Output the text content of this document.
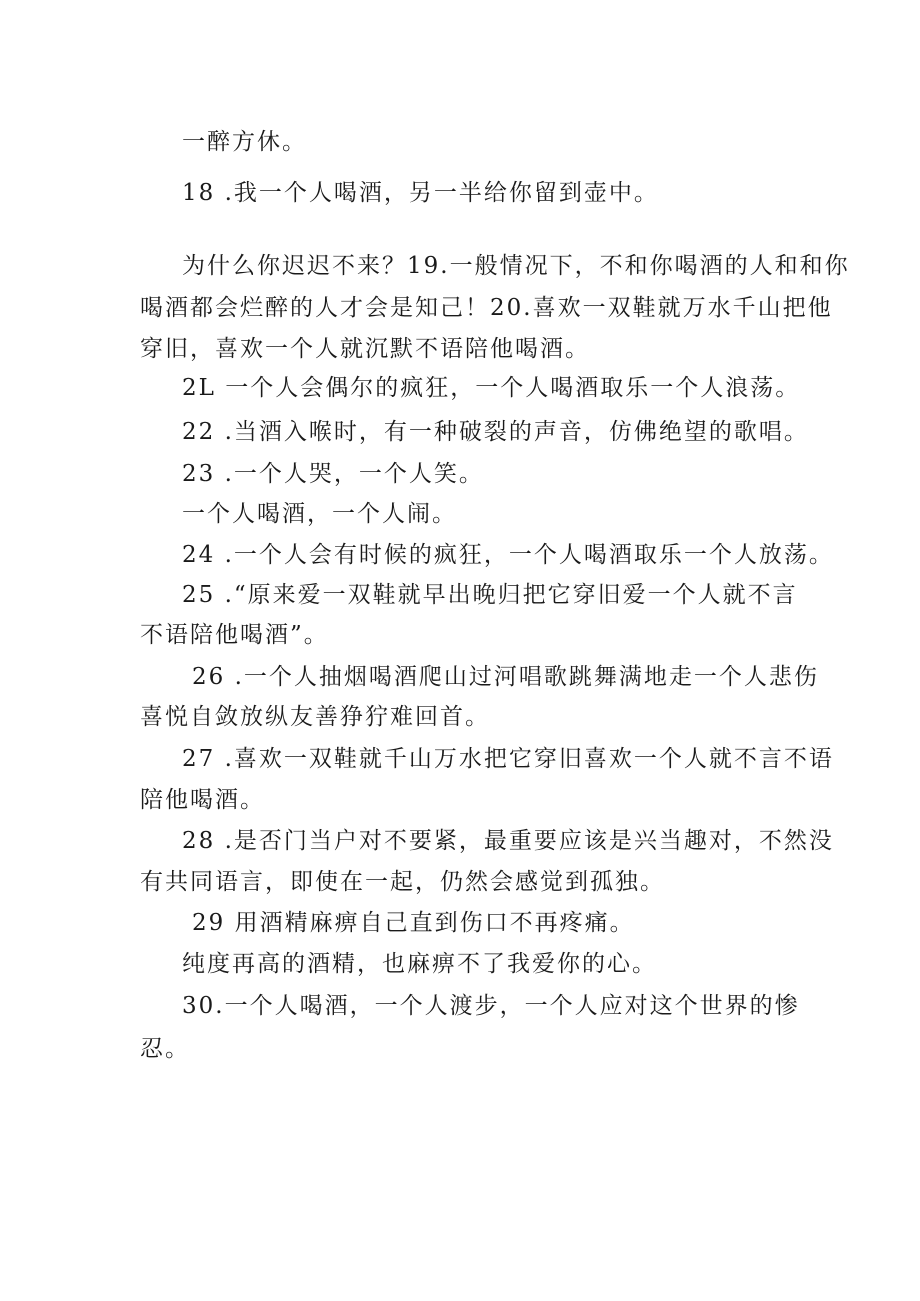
一醉方休。
18 .我一个人喝酒，另一半给你留到壶中。
为什么你迟迟不来？19.一般情况下，不和你喝酒的人和和你
喝酒都会烂醉的人才会是知己！20.喜欢一双鞋就万水千山把他
穿旧，喜欢一个人就沉默不语陪他喝酒。
2L 一个人会偶尔的疯狂，一个人喝酒取乐一个人浪荡。
22 .当酒入喉时，有一种破裂的声音，仿佛绝望的歌唱。
23 .一个人哭，一个人笑。
一个人喝酒，一个人闹。
24 .一个人会有时候的疯狂，一个人喝酒取乐一个人放荡。
25 .“原来爱一双鞋就早出晚归把它穿旧爱一个人就不言
不语陪他喝酒”。
26 .一个人抽烟喝酒爬山过河唱歌跳舞满地走一个人悲伤
喜悦自敛放纵友善狰狞难回首。
27 .喜欢一双鞋就千山万水把它穿旧喜欢一个人就不言不语
陪他喝酒。
28 .是否门当户对不要紧，最重要应该是兴当趣对，不然没
有共同语言，即使在一起，仍然会感觉到孤独。
29 用酒精麻痹自己直到伤口不再疼痛。
纯度再高的酒精，也麻痹不了我爱你的心。
30.一个人喝酒，一个人渡步，一个人应对这个世界的惨
忍。
